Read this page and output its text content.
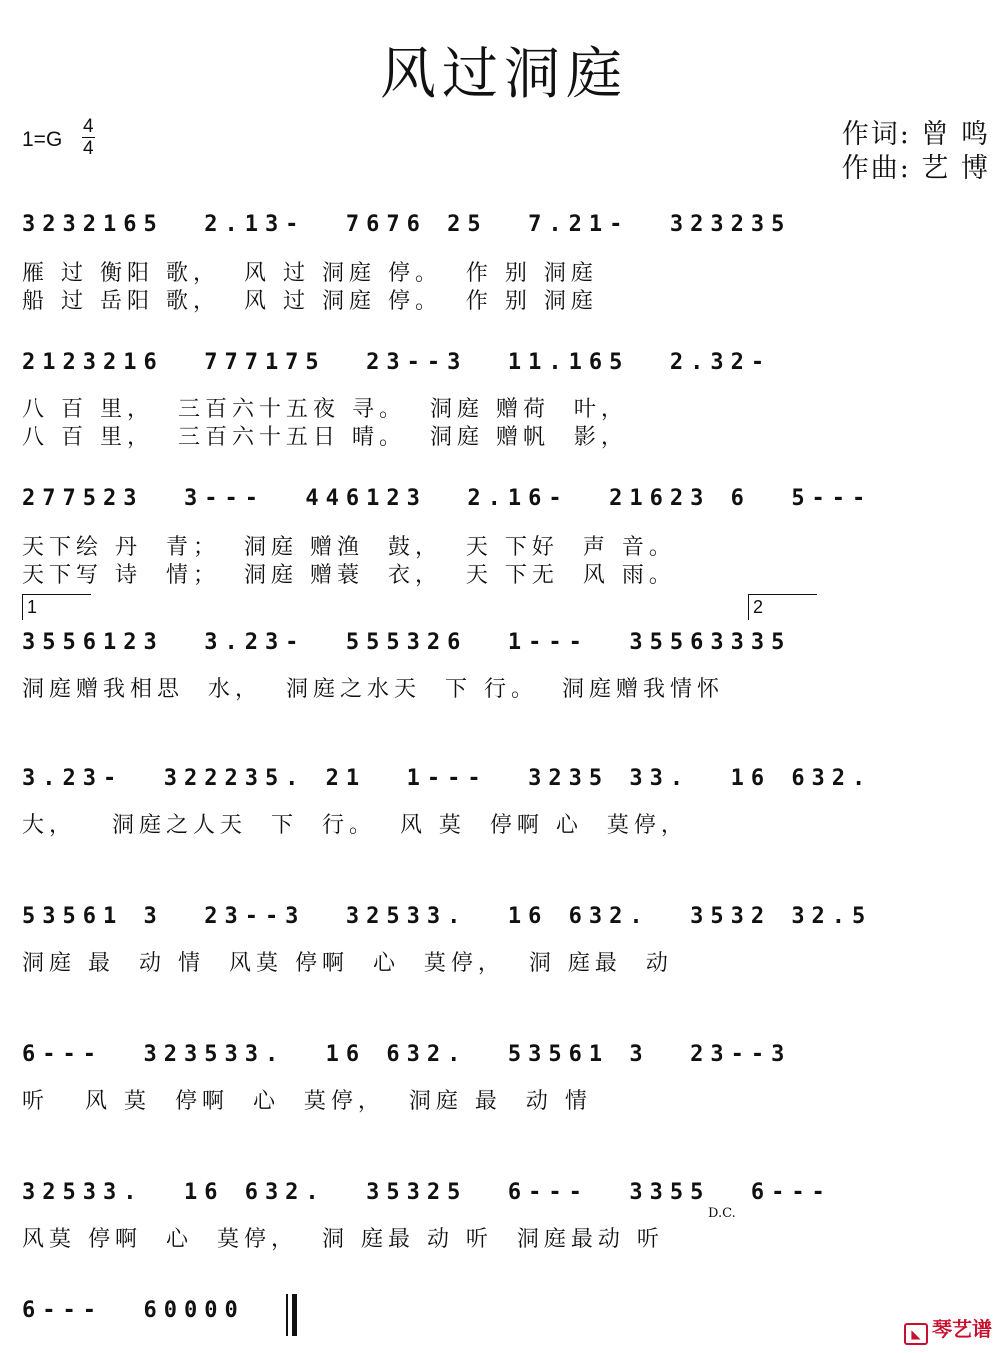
风过洞庭
$1=G \frac{4}{4}$	作词: 曾 鸣
作曲: 艺 博
3232165  2.13-  7676 25  7.21-  323235
雁 过 衡阳 歌，  风 过 洞庭 停。  作 别 洞庭
船 过 岳阳 歌，  风 过 洞庭 停。  作 别 洞庭
2123216  777175  23--3  11.165  2.32-
八 百 里，  三百六十五夜 寻。  洞庭 赠荷  叶，
八 百 里，  三百六十五日 晴。  洞庭 赠帆  影，
277523  3---  446123  2.16-  21623 6  5---
天下绘 丹  青；  洞庭 赠渔  鼓，  天 下好  声 音。
天下写 诗  情；  洞庭 赠蓑  衣，  天 下无  风 雨。
1	2
3556123  3.23-  555326  1---  35563335
洞庭赠我相思  水，  洞庭之水天  下 行。  洞庭赠我情怀
3.23-  322235. 21  1---  3235 33.  16 632.
大，   洞庭之人天  下  行。  风 莫  停啊 心  莫停，
53561 3  23--3  32533.  16 632.  3532 32.5
洞庭 最  动 情  风莫 停啊  心  莫停，  洞 庭最  动
6---  323533.  16 632.  53561 3  23--3
听   风 莫  停啊  心  莫停，  洞庭 最  动 情
32533.  16 632.  35325  6---  3355  6---
风莫 停啊  心  莫停，  洞 庭最 动 听  洞庭最动 听
D.C.
6---  60000
◣ 琴艺谱
